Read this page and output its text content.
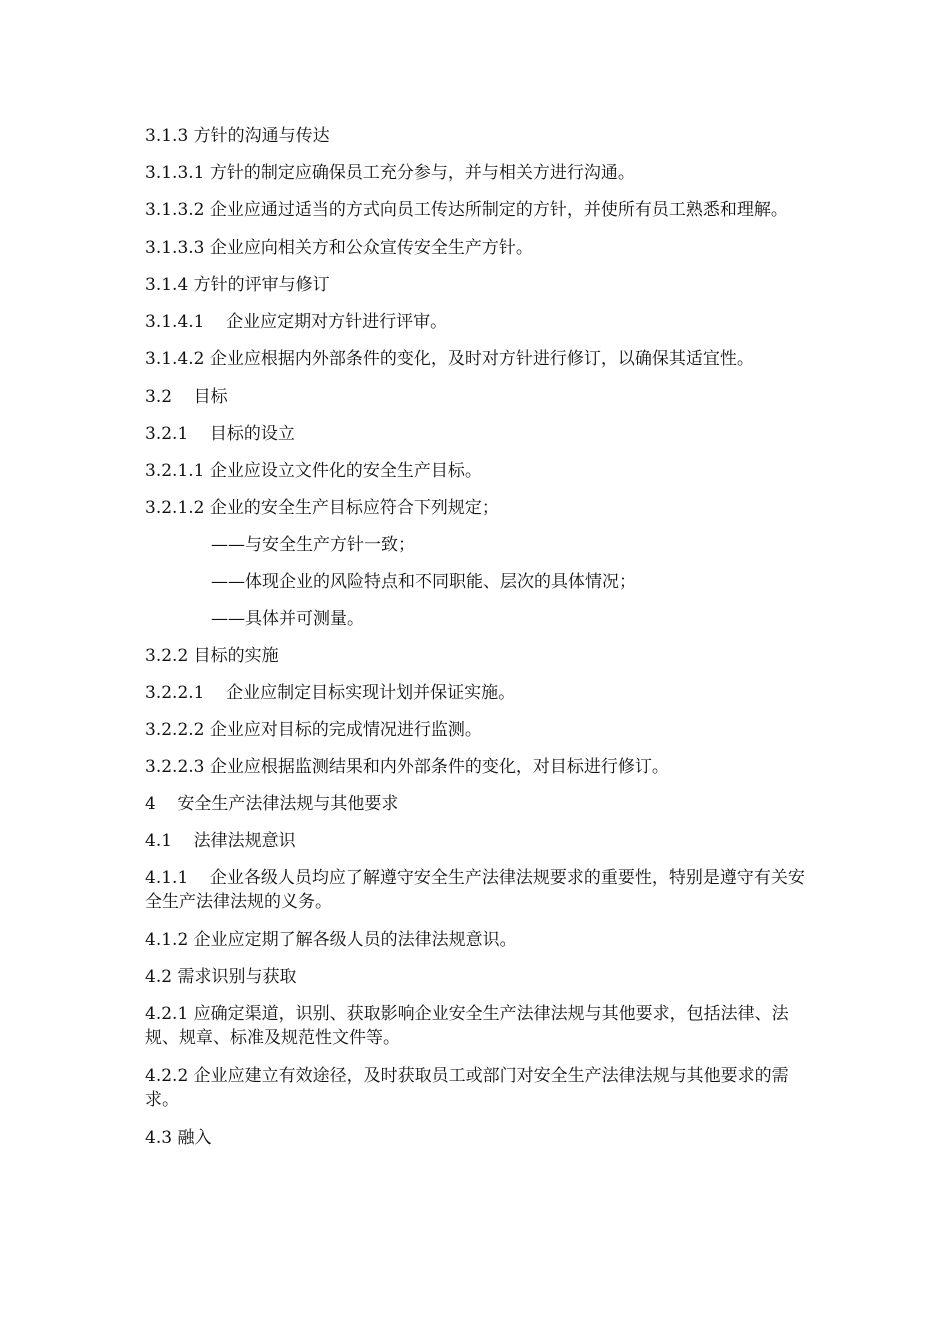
3.1.3 方针的沟通与传达

3.1.3.1 方针的制定应确保员工充分参与，并与相关方进行沟通。

3.1.3.2 企业应通过适当的方式向员工传达所制定的方针，并使所有员工熟悉和理解。

3.1.3.3 企业应向相关方和公众宣传安全生产方针。

3.1.4 方针的评审与修订

3.1.4.1    企业应定期对方针进行评审。

3.1.4.2 企业应根据内外部条件的变化，及时对方针进行修订，以确保其适宜性。

3.2    目标

3.2.1    目标的设立

3.2.1.1 企业应设立文件化的安全生产目标。

3.2.1.2 企业的安全生产目标应符合下列规定；

——与安全生产方针一致；

——体现企业的风险特点和不同职能、层次的具体情况；

——具体并可测量。

3.2.2 目标的实施

3.2.2.1    企业应制定目标实现计划并保证实施。

3.2.2.2 企业应对目标的完成情况进行监测。

3.2.2.3 企业应根据监测结果和内外部条件的变化，对目标进行修订。

4    安全生产法律法规与其他要求

4.1    法律法规意识

4.1.1    企业各级人员均应了解遵守安全生产法律法规要求的重要性，特别是遵守有关安全生产法律法规的义务。

4.1.2 企业应定期了解各级人员的法律法规意识。

4.2 需求识别与获取

4.2.1 应确定渠道，识别、获取影响企业安全生产法律法规与其他要求，包括法律、法规、规章、标准及规范性文件等。

4.2.2 企业应建立有效途径，及时获取员工或部门对安全生产法律法规与其他要求的需求。

4.3 融入
